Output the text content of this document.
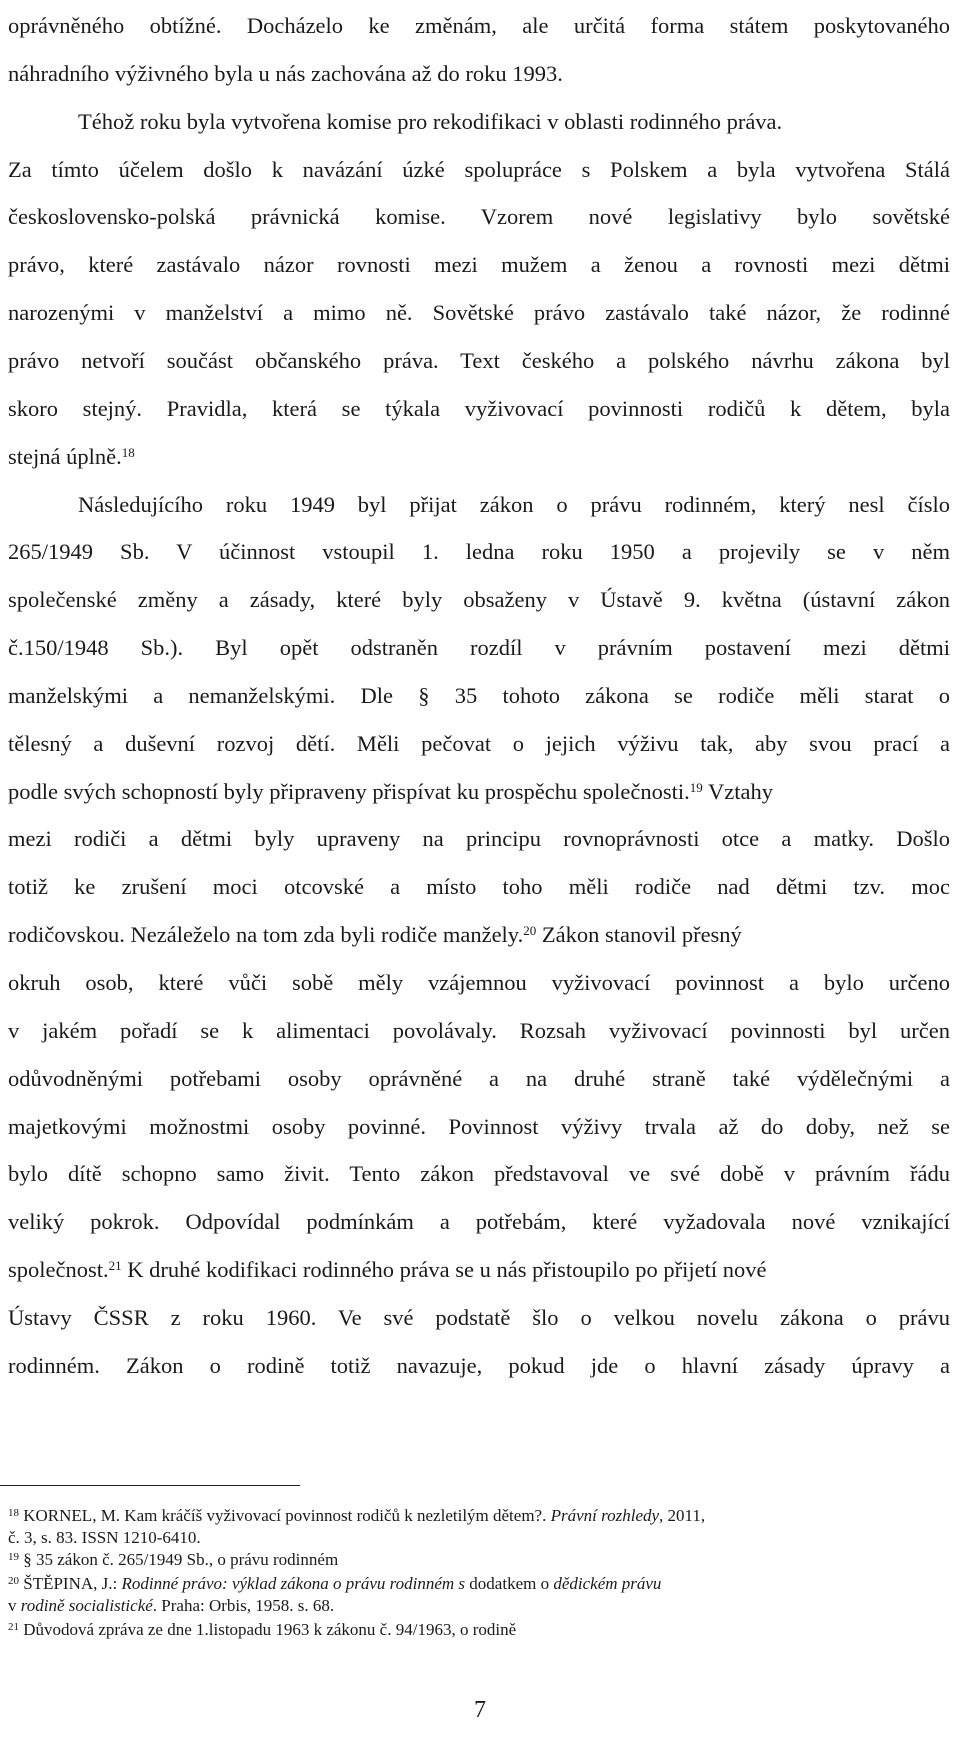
oprávněného obtížné. Docházelo ke změnám, ale určitá forma státem poskytovaného
náhradního výživného byla u nás zachována až do roku 1993.
Téhož roku byla vytvořena komise pro rekodifikaci v oblasti rodinného práva.
Za tímto účelem došlo k navázání úzké spolupráce s Polskem a byla vytvořena Stálá
československo-polská právnická komise. Vzorem nové legislativy bylo sovětské
právo, které zastávalo názor rovnosti mezi mužem a ženou a rovnosti mezi dětmi
narozenými v manželství a mimo ně. Sovětské právo zastávalo také názor, že rodinné
právo netvoří součást občanského práva. Text českého a polského návrhu zákona byl
skoro stejný. Pravidla, která se týkala vyživovací povinnosti rodičů k dětem, byla
stejná úplně.$^{18}$
Následujícího roku 1949 byl přijat zákon o právu rodinném, který nesl číslo
265/1949 Sb. V účinnost vstoupil 1. ledna roku 1950 a projevily se v něm
společenské změny a zásady, které byly obsaženy v Ústavě 9. května (ústavní zákon
č.150/1948 Sb.). Byl opět odstraněn rozdíl v právním postavení mezi dětmi
manželskými a nemanželskými. Dle § 35 tohoto zákona se rodiče měli starat o
tělesný a duševní rozvoj dětí. Měli pečovat o jejich výživu tak, aby svou prací a
podle svých schopností byly připraveny přispívat ku prospěchu společnosti.$^{19}$ Vztahy
mezi rodiči a dětmi byly upraveny na principu rovnoprávnosti otce a matky. Došlo
totiž ke zrušení moci otcovské a místo toho měli rodiče nad dětmi tzv. moc
rodičovskou. Nezáleželo na tom zda byli rodiče manžely.$^{20}$ Zákon stanovil přesný
okruh osob, které vůči sobě měly vzájemnou vyživovací povinnost a bylo určeno
v jakém pořadí se k alimentaci povolávaly. Rozsah vyživovací povinnosti byl určen
odůvodněnými potřebami osoby oprávněné a na druhé straně také výdělečnými a
majetkovými možnostmi osoby povinné. Povinnost výživy trvala až do doby, než se
bylo dítě schopno samo živit. Tento zákon představoval ve své době v právním řádu
veliký pokrok. Odpovídal podmínkám a potřebám, které vyžadovala nové vznikající
společnost.$^{21}$ K druhé kodifikaci rodinného práva se u nás přistoupilo po přijetí nové
Ústavy ČSSR z roku 1960. Ve své podstatě šlo o velkou novelu zákona o právu
rodinném. Zákon o rodině totiž navazuje, pokud jde o hlavní zásady úpravy a
$^{18}$ KORNEL, M. Kam kráčíš vyživovací povinnost rodičů k nezletilým dětem?. Právní rozhledy, 2011,
č. 3, s. 83. ISSN 1210-6410.
$^{19}$ § 35 zákon č. 265/1949 Sb., o právu rodinném
$^{20}$ ŠTĚPINA, J.: Rodinné právo: výklad zákona o právu rodinném s dodatkem o dědickém právu
v rodině socialistické. Praha: Orbis, 1958. s. 68.
$^{21}$ Důvodová zpráva ze dne 1.listopadu 1963 k zákonu č. 94/1963, o rodině
7
